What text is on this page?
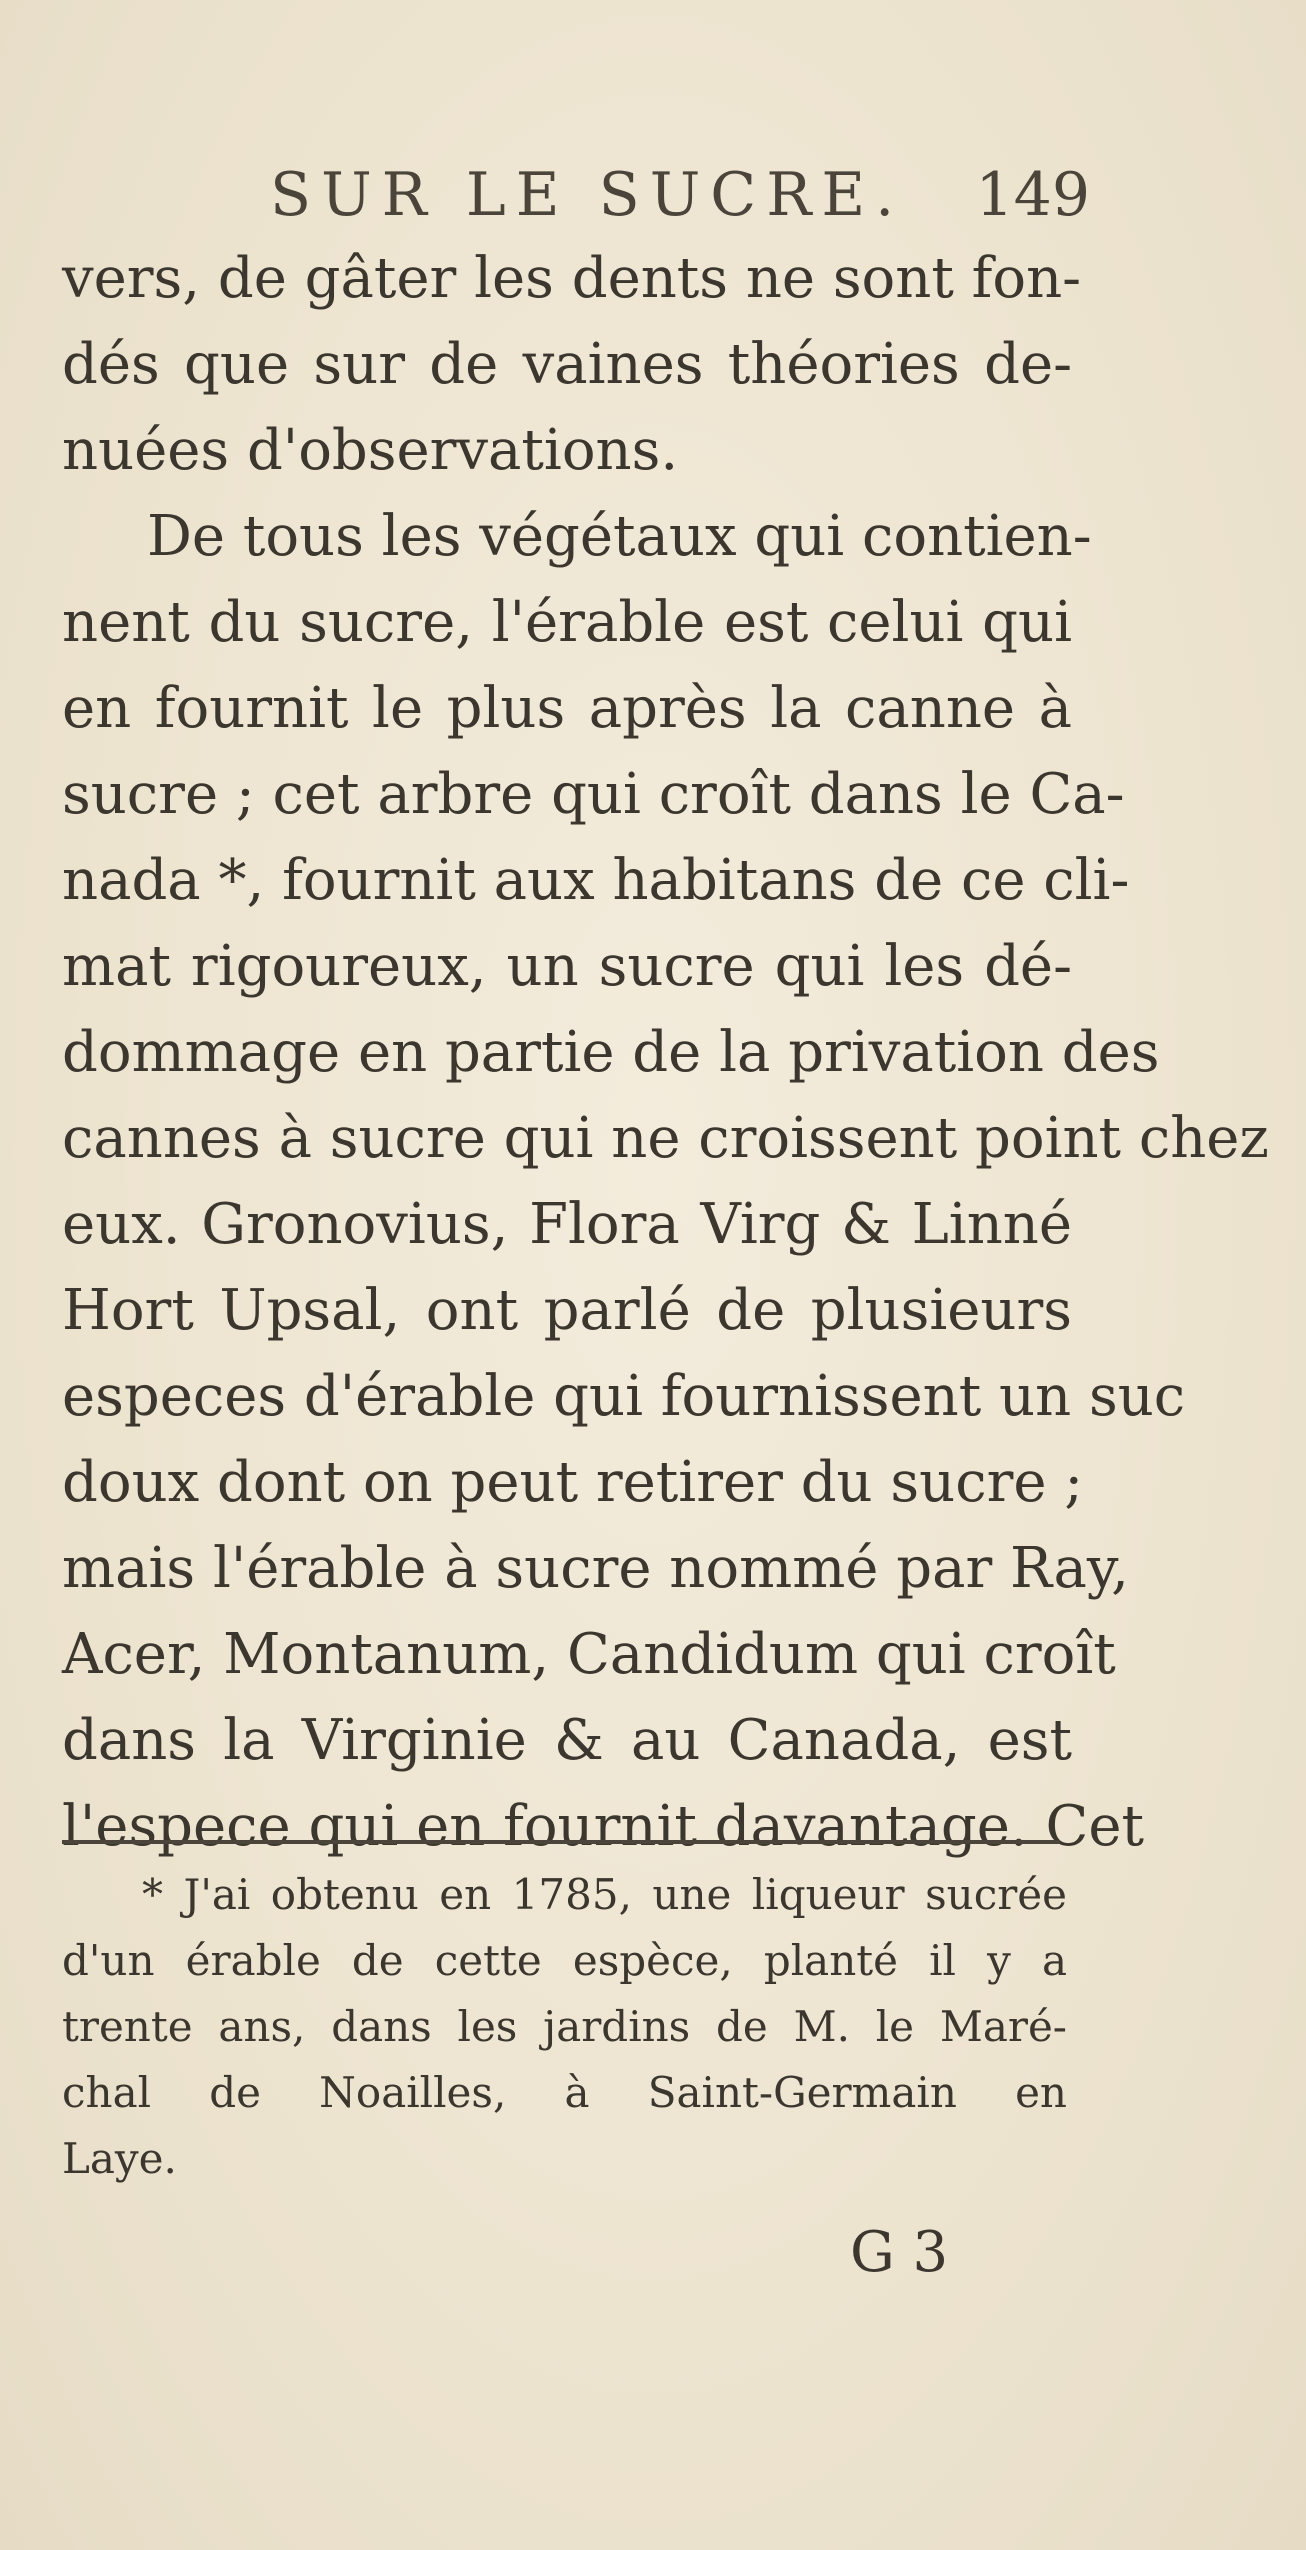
SUR LE SUCRE. 149
vers, de gâter les dents ne sont fon-
dés que sur de vaines théories de-
nuées d'observations.
De tous les végétaux qui contien-
nent du sucre, l'érable est celui qui
en fournit le plus après la canne à
sucre ; cet arbre qui croît dans le Ca-
nada *, fournit aux habitans de ce cli-
mat rigoureux, un sucre qui les dé-
dommage en partie de la privation des
cannes à sucre qui ne croissent point chez
eux. Gronovius, Flora Virg & Linné
Hort Upsal, ont parlé de plusieurs
especes d'érable qui fournissent un suc
doux dont on peut retirer du sucre ;
mais l'érable à sucre nommé par Ray,
Acer, Montanum, Candidum qui croît
dans la Virginie & au Canada, est
l'espece qui en fournit davantage. Cet
* J'ai obtenu en 1785, une liqueur sucrée
d'un érable de cette espèce, planté il y a
trente ans, dans les jardins de M. le Maré-
chal de Noailles, à Saint-Germain en
Laye.
G 3
